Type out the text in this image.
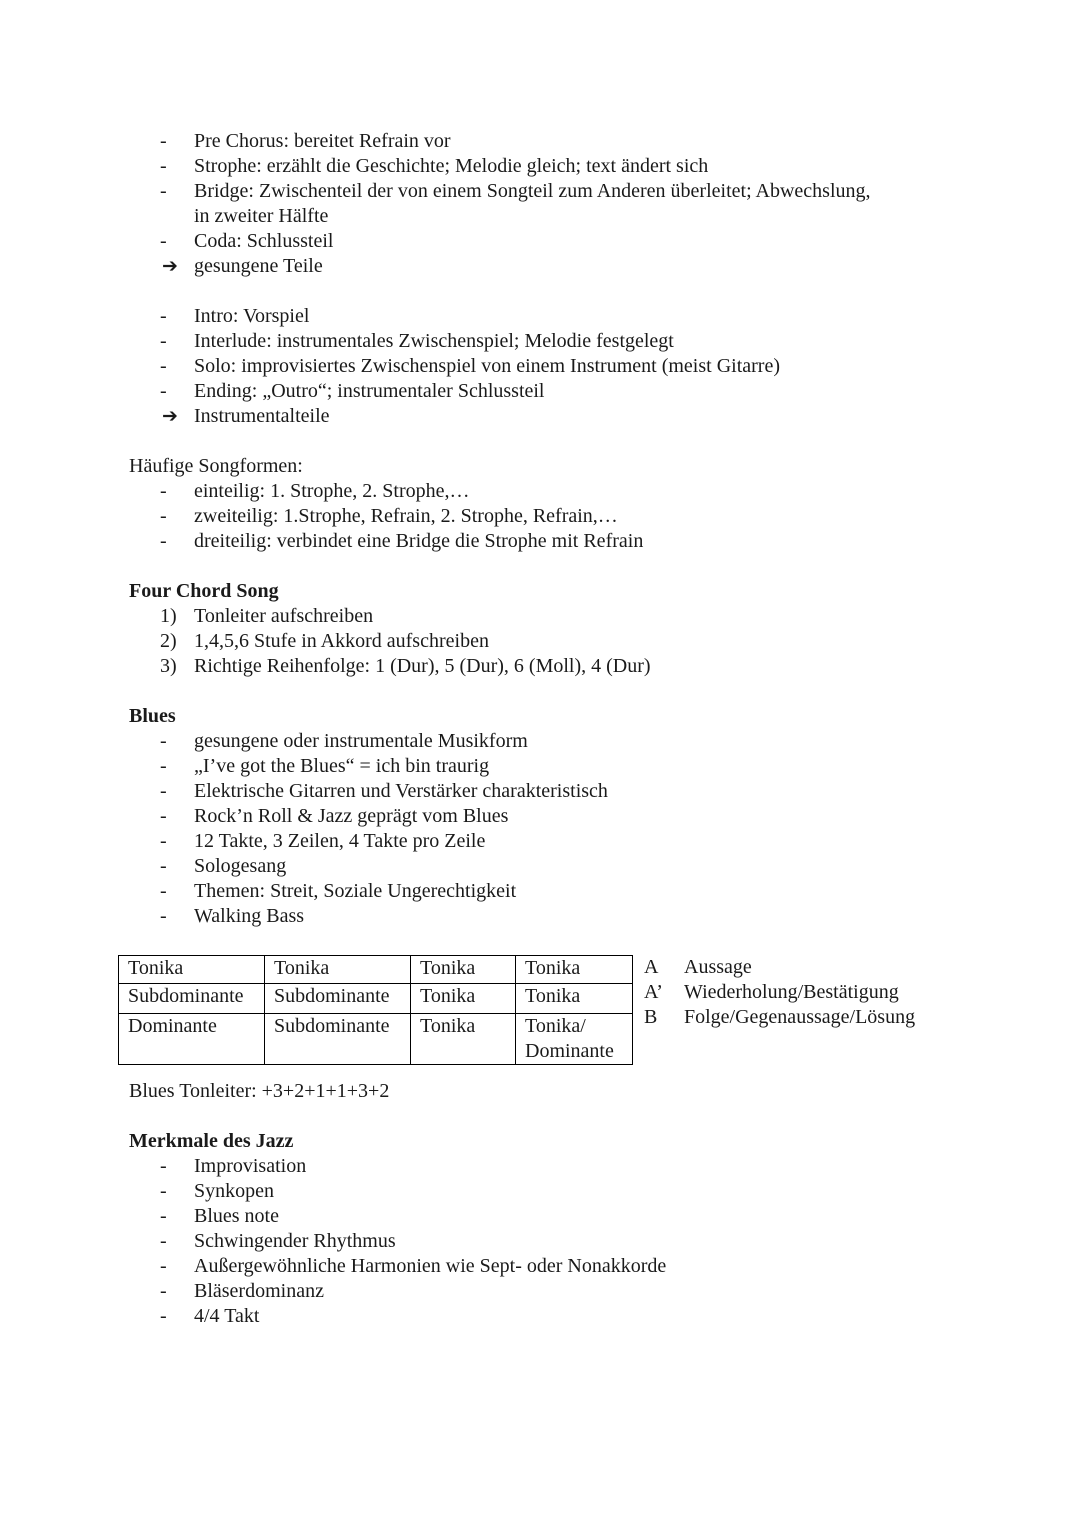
-	Pre Chorus: bereitet Refrain vor
-	Strophe: erzählt die Geschichte; Melodie gleich; text ändert sich
-	Bridge: Zwischenteil der von einem Songteil zum Anderen überleitet; Abwechslung,
in zweiter Hälfte
-	Coda: Schlussteil
➔ gesungene Teile
-	Intro: Vorspiel
-	Interlude: instrumentales Zwischenspiel; Melodie festgelegt
-	Solo: improvisiertes Zwischenspiel von einem Instrument (meist Gitarre)
-	Ending: „Outro“; instrumentaler Schlussteil
➔ Instrumentalteile
Häufige Songformen:
-	einteilig: 1. Strophe, 2. Strophe,…
-	zweiteilig: 1.Strophe, Refrain, 2. Strophe, Refrain,…
-	dreiteilig: verbindet eine Bridge die Strophe mit Refrain
Four Chord Song
1) Tonleiter aufschreiben
2) 1,4,5,6 Stufe in Akkord aufschreiben
3) Richtige Reihenfolge: 1 (Dur), 5 (Dur), 6 (Moll), 4 (Dur)
Blues
-	gesungene oder instrumentale Musikform
-	„I’ve got the Blues“ = ich bin traurig
-	Elektrische Gitarren und Verstärker charakteristisch
-	Rock’n Roll & Jazz geprägt vom Blues
-	12 Takte, 3 Zeilen, 4 Takte pro Zeile
-	Sologesang
-	Themen: Streit, Soziale Ungerechtigkeit
-	Walking Bass
Tonika	Tonika	Tonika	Tonika
Subdominante	Subdominante	Tonika	Tonika
Dominante	Subdominante	Tonika	Tonika/
Dominante
A Aussage
A’ Wiederholung/Bestätigung
B Folge/Gegenaussage/Lösung
Blues Tonleiter: +3+2+1+1+3+2
Merkmale des Jazz
-	Improvisation
-	Synkopen
-	Blues note
-	Schwingender Rhythmus
-	Außergewöhnliche Harmonien wie Sept- oder Nonakkorde
-	Bläserdominanz
-	4/4 Takt
